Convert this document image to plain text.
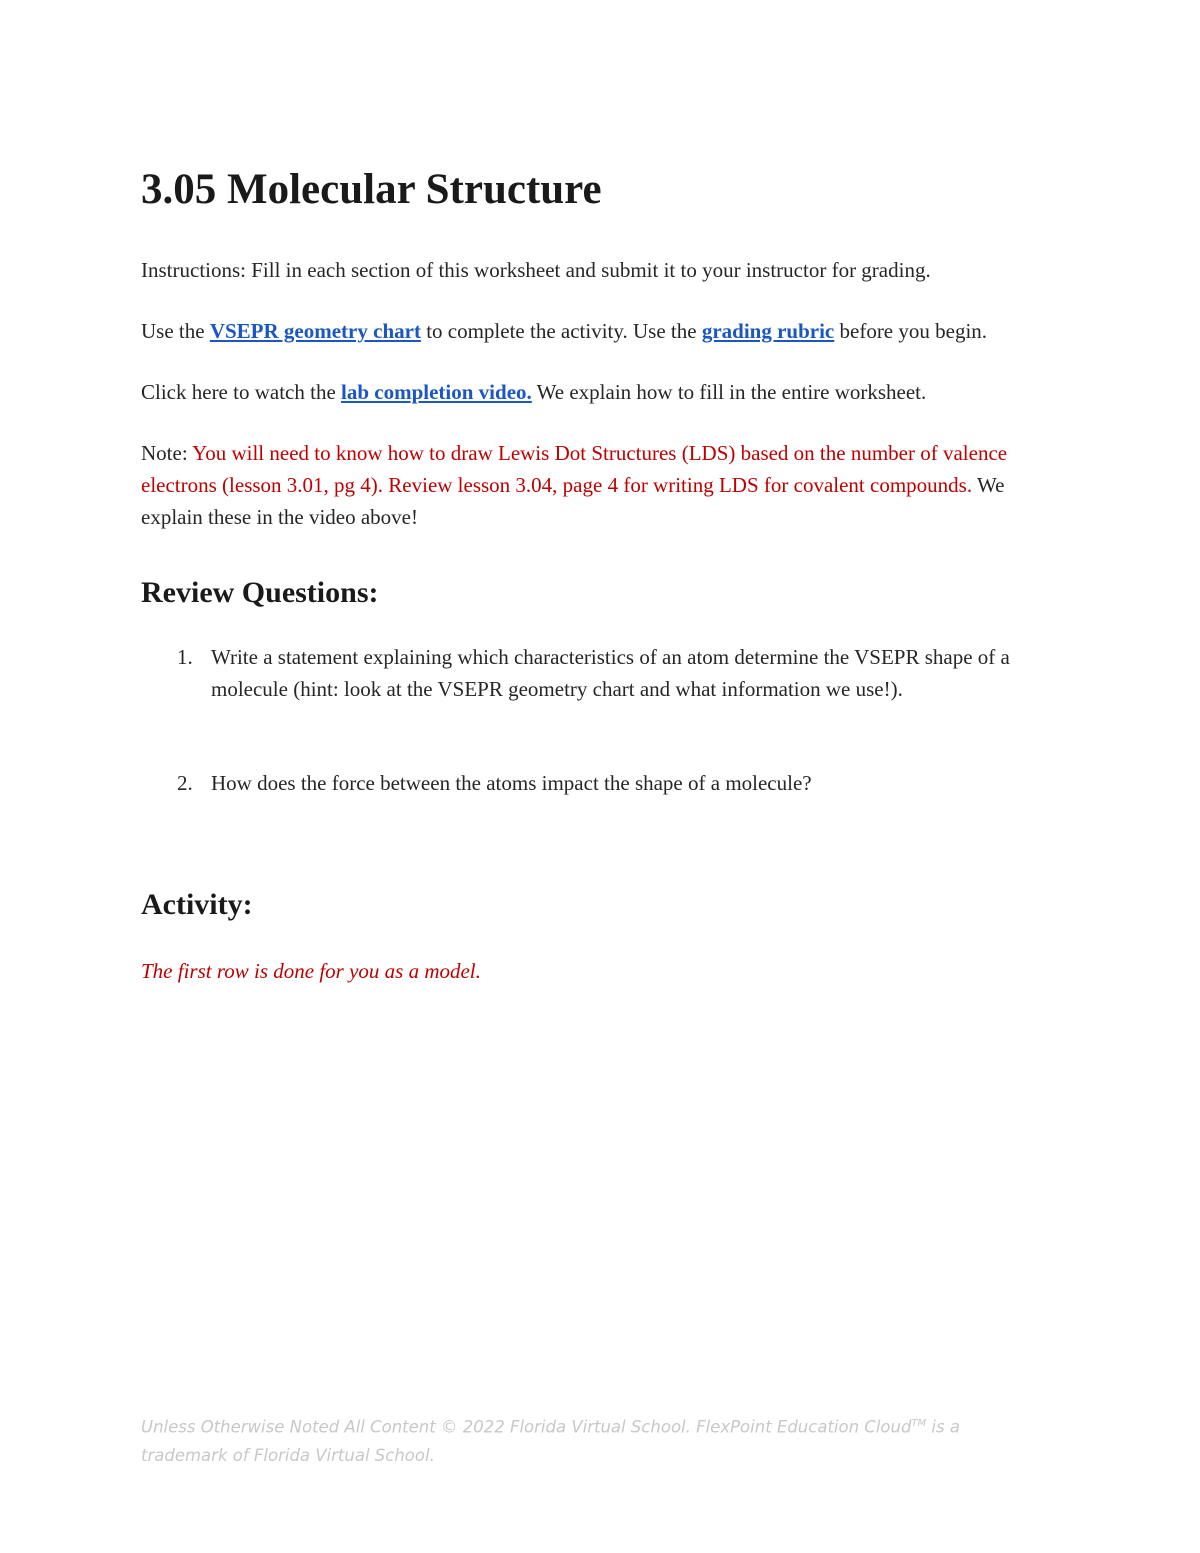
3.05 Molecular Structure

Instructions: Fill in each section of this worksheet and submit it to your instructor for grading.

Use the VSEPR geometry chart to complete the activity. Use the grading rubric before you begin.

Click here to watch the lab completion video. We explain how to fill in the entire worksheet.

Note: You will need to know how to draw Lewis Dot Structures (LDS) based on the number of valence electrons (lesson 3.01, pg 4). Review lesson 3.04, page 4 for writing LDS for covalent compounds. We explain these in the video above!

Review Questions:
1. Write a statement explaining which characteristics of an atom determine the VSEPR shape of a molecule (hint: look at the VSEPR geometry chart and what information we use!).
2. How does the force between the atoms impact the shape of a molecule?
Activity:

The first row is done for you as a model.

Unless Otherwise Noted All Content © 2022 Florida Virtual School. FlexPoint Education Cloud™ is a trademark of Florida Virtual School.
